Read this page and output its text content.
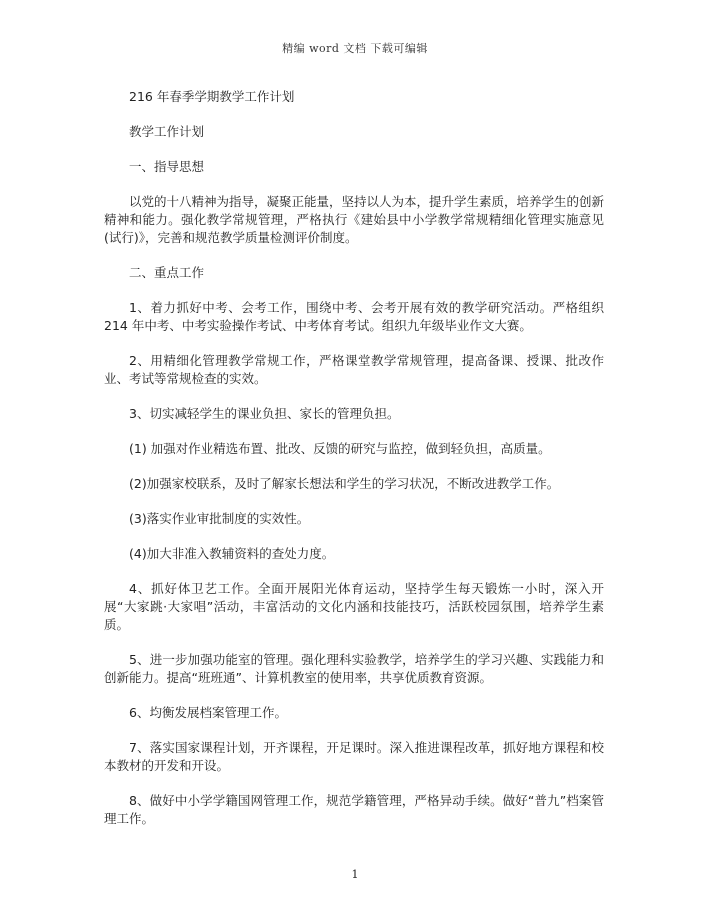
精编 word 文档 下载可编辑

216 年春季学期教学工作计划

教学工作计划

一、指导思想

以党的十八精神为指导，凝聚正能量，坚持以人为本，提升学生素质，培养学生的创新精神和能力。强化教学常规管理，严格执行《建始县中小学教学常规精细化管理实施意见(试行)》，完善和规范教学质量检测评价制度。

二、重点工作

1、着力抓好中考、会考工作，围绕中考、会考开展有效的教学研究活动。严格组织 214 年中考、中考实验操作考试、中考体育考试。组织九年级毕业作文大赛。

2、用精细化管理教学常规工作，严格课堂教学常规管理，提高备课、授课、批改作业、考试等常规检查的实效。

3、切实减轻学生的课业负担、家长的管理负担。

(1) 加强对作业精选布置、批改、反馈的研究与监控，做到轻负担，高质量。

(2)加强家校联系，及时了解家长想法和学生的学习状况，不断改进教学工作。

(3)落实作业审批制度的实效性。

(4)加大非准入教辅资料的查处力度。

4、抓好体卫艺工作。全面开展阳光体育运动，坚持学生每天锻炼一小时，深入开展“大家跳·大家唱”活动，丰富活动的文化内涵和技能技巧，活跃校园氛围，培养学生素质。

5、进一步加强功能室的管理。强化理科实验教学，培养学生的学习兴趣、实践能力和创新能力。提高“班班通”、计算机教室的使用率，共享优质教育资源。

6、均衡发展档案管理工作。

7、落实国家课程计划，开齐课程，开足课时。深入推进课程改革，抓好地方课程和校本教材的开发和开设。

8、做好中小学学籍国网管理工作，规范学籍管理，严格异动手续。做好“普九”档案管理工作。

1
